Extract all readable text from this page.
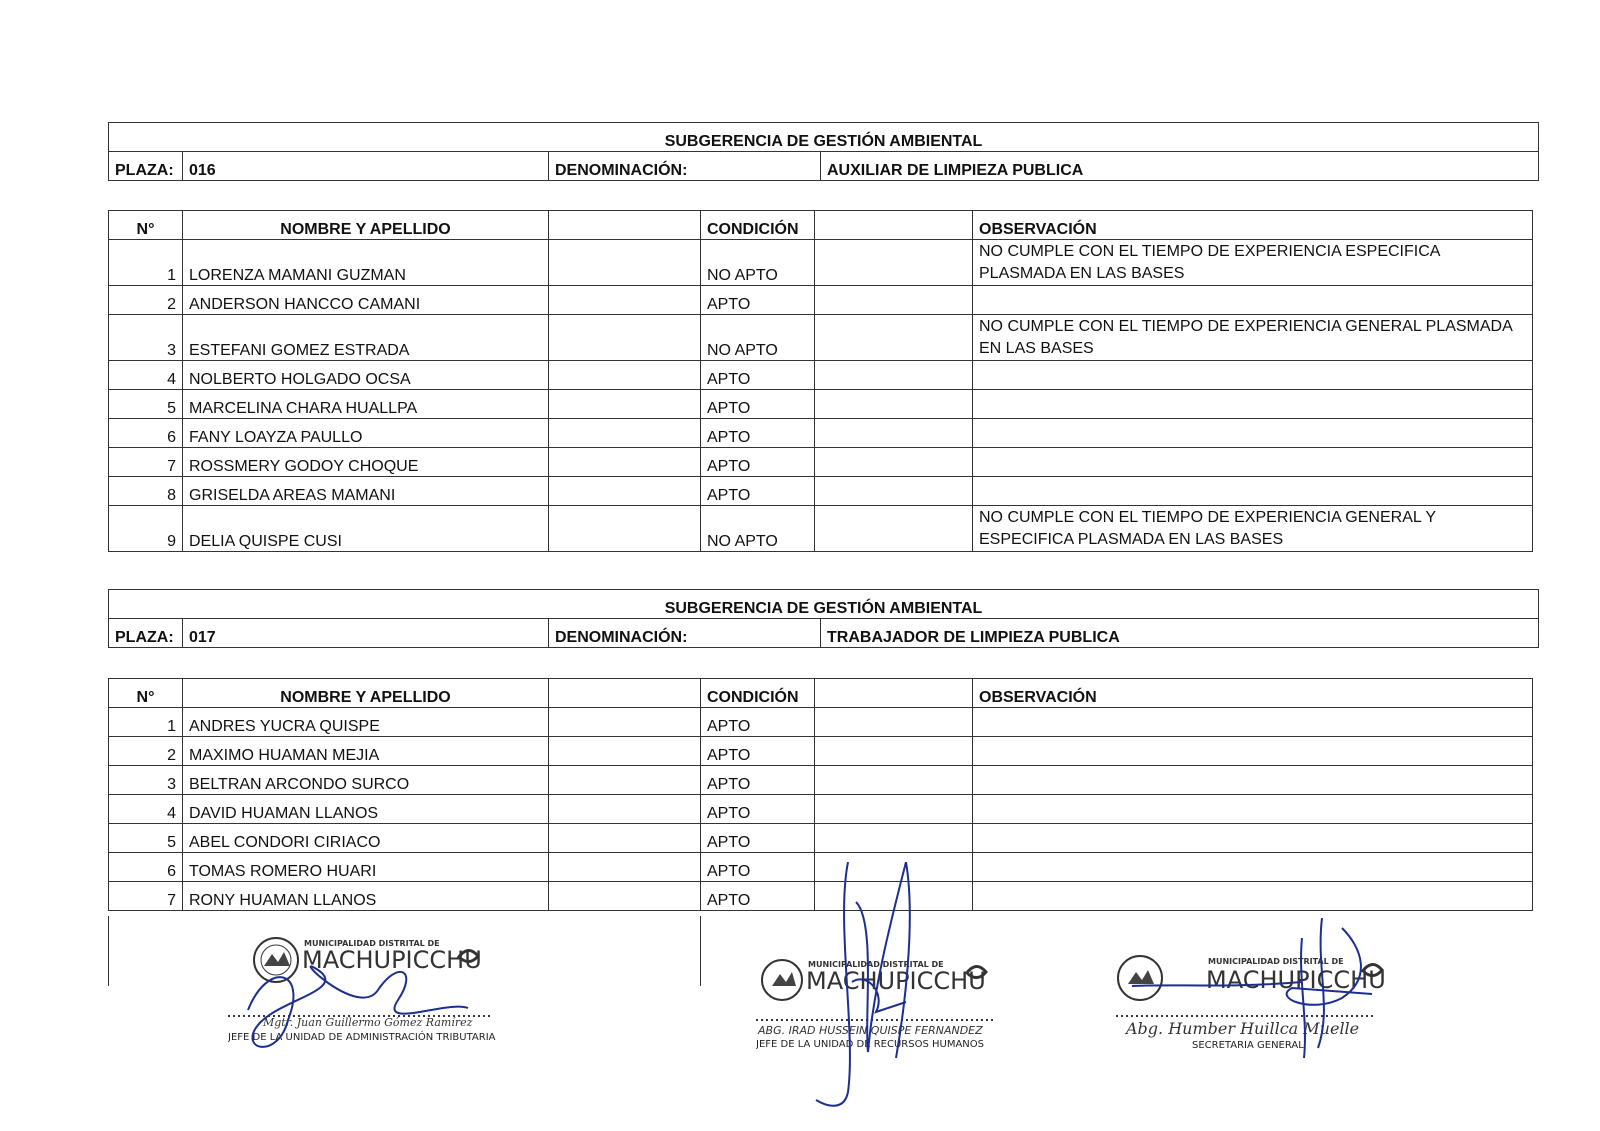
SUBGERENCIA DE GESTIÓN AMBIENTAL
PLAZA:	016	DENOMINACIÓN:	AUXILIAR DE LIMPIEZA PUBLICA
N°	NOMBRE Y APELLIDO		CONDICIÓN		OBSERVACIÓN
1	LORENZA MAMANI GUZMAN		NO APTO		NO CUMPLE CON EL TIEMPO DE EXPERIENCIA ESPECIFICA PLASMADA EN LAS BASES
2	ANDERSON HANCCO CAMANI		APTO		
3	ESTEFANI GOMEZ ESTRADA		NO APTO		NO CUMPLE CON EL TIEMPO DE EXPERIENCIA GENERAL PLASMADA EN LAS BASES
4	NOLBERTO HOLGADO OCSA		APTO		
5	MARCELINA CHARA HUALLPA		APTO		
6	FANY LOAYZA PAULLO		APTO		
7	ROSSMERY GODOY CHOQUE		APTO		
8	GRISELDA AREAS MAMANI		APTO		
9	DELIA QUISPE CUSI		NO APTO		NO CUMPLE CON EL TIEMPO DE EXPERIENCIA GENERAL Y ESPECIFICA PLASMADA EN LAS BASES
SUBGERENCIA DE GESTIÓN AMBIENTAL
PLAZA:	017	DENOMINACIÓN:	TRABAJADOR DE LIMPIEZA PUBLICA
N°	NOMBRE Y APELLIDO		CONDICIÓN		OBSERVACIÓN
1	ANDRES YUCRA QUISPE		APTO		
2	MAXIMO HUAMAN MEJIA		APTO		
3	BELTRAN ARCONDO SURCO		APTO		
4	DAVID HUAMAN LLANOS		APTO		
5	ABEL CONDORI CIRIACO		APTO		
6	TOMAS ROMERO HUARI		APTO		
7	RONY HUAMAN LLANOS		APTO		
MUNICIPALIDAD DISTRITAL DE
MACHUPICCHU
Mgtr. Juan Guillermo Gómez Ramírez
JEFE DE LA UNIDAD DE ADMINISTRACIÓN TRIBUTARIA
MUNICIPALIDAD DISTRITAL DE
MACHUPICCHU
ABG. IRAD HUSSEIN QUISPE FERNANDEZ
JEFE DE LA UNIDAD DE RECURSOS HUMANOS
MUNICIPALIDAD DISTRITAL DE
MACHUPICCHU
Abg. Humber Huillca Muelle
SECRETARIA GENERAL
